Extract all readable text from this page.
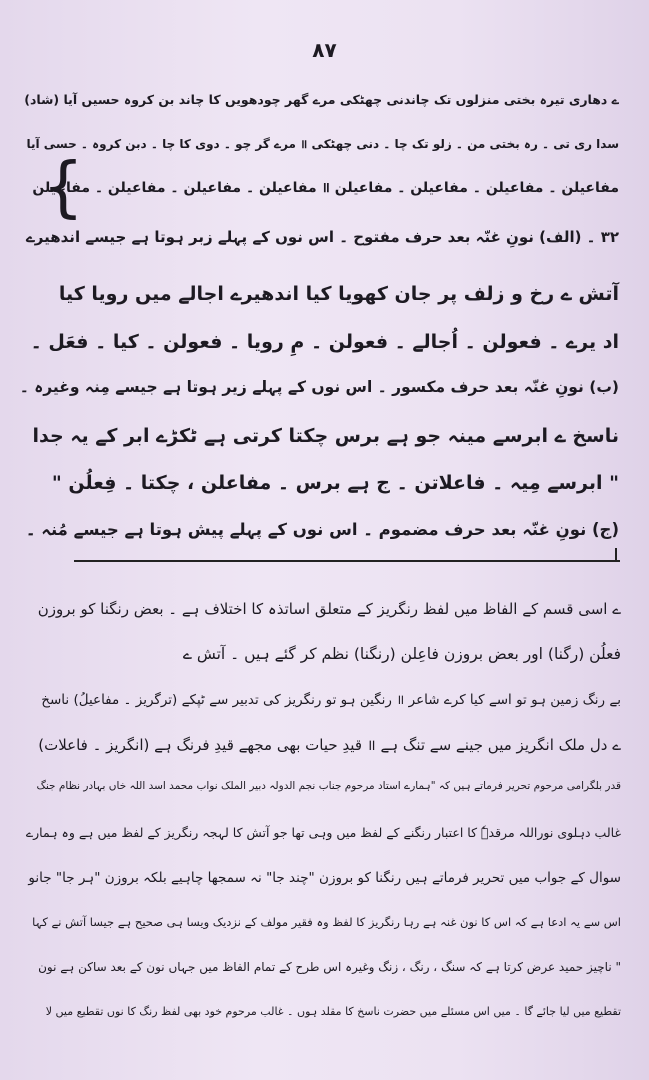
۸۷
ے دھاری تیرہ بختی منزلوں تک چاندنی چھٹکی مرے گھر چودھویں کا چاند بن کروہ حسیں آیا (شاد)
سدا ری تی ۔ رہ بختی من ۔ زلو تک چا ۔ دنی چھٹکی ॥ مرے گر چو ۔ دوی کا چا ۔ دبن کروہ ۔ حسی آیا
{
مفاعیلن ۔ مفاعیلن ۔ مفاعیلن ۔ مفاعیلن ॥ مفاعیلن ۔ مفاعیلن ۔ مفاعیلن ۔ مفاعیلن
۳۲ ۔ (الف) نونِ غنّہ بعد حرف مفتوح ۔ اس نوں کے پہلے زبر ہوتا ہے جیسے اندھیرے
آتش ے رخ و زلف پر جان کھویا کیا اندھیرے اجالے میں رویا کیا
اد یرے ۔ فعولن ۔ اُجالے ۔ فعولن ۔ مِ رویا ۔ فعولن ۔ کیا ۔ فعَل ۔
(ب) نونِ غنّہ بعد حرف مکسور ۔ اس نوں کے پہلے زیر ہوتا ہے جیسے مِنہ وغیرہ ۔
ناسخ ے ابرسے مینہ جو ہے برس چکتا کرتی ہے ٹکڑے ابر کے یہ جدا
" ابرسے مِیہ ۔ فاعلاتن ۔ ج ہے برس ۔ مفاعلن ، چکتا ۔ فِعلُن "
(ج) نونِ غنّہ بعد حرف مضموم ۔ اس نوں کے پہلے پیش ہوتا ہے جیسے مُنہ ۔
ے اسی قسم کے الفاظ میں لفظ رنگریز کے متعلق اساتذہ کا اختلاف ہے ۔ بعض رنگنا کو بروزن
فعلُن (رگنا) اور بعض بروزن فاعِلن (رنگنا) نظم کر گئے ہیں ۔ آتش ے
بے رنگ زمین ہو تو اسے کیا کرے شاعر ॥ رنگین ہو تو رنگریز کی تدبیر سے ٹپکے (ترگریز ۔ مفاعیلُ) ناسخ
ے دل ملک انگریز میں جینے سے تنگ ہے ॥ قیدِ حیات بھی مجھے قیدِ فرنگ ہے (انگریز ۔ فاعلات)
قدر بلگرامی مرحوم تحریر فرماتے ہیں کہ "ہمارے استاد مرحوم جناب نجم الدولہ دبیر الملک نواب محمد اسد اللہ خاں بہادر نظام جنگ
غالب دہلوی نوراللہ مرقدہٗ کا اعتبار رنگنے کے لفظ میں وہی تھا جو آتش کا لہجہ رنگریز کے لفظ میں ہے وہ ہمارے
سوال کے جواب میں تحریر فرماتے ہیں رنگنا کو بروزن "چند جا" نہ سمجھا چاہیے بلکہ بروزن "ہر جا" جانو
اس سے یہ ادعا ہے کہ اس کا نون غنہ ہے رہا رنگریز کا لفظ وہ فقیر مولف کے نزدیک ویسا ہی صحیح ہے جیسا آتش نے کہا
" ناچیز حمید عرض کرتا ہے کہ سنگ ، رنگ ، زنگ وغیرہ اس طرح کے تمام الفاظ میں جہاں نون کے بعد ساکن ہے نون
تقطیع میں لیا جائے گا ۔ میں اس مسئلے میں حضرت ناسخ کا مقلد ہوں ۔ غالب مرحوم خود بھی لفظ رنگ کا نوں تقطیع میں لا
